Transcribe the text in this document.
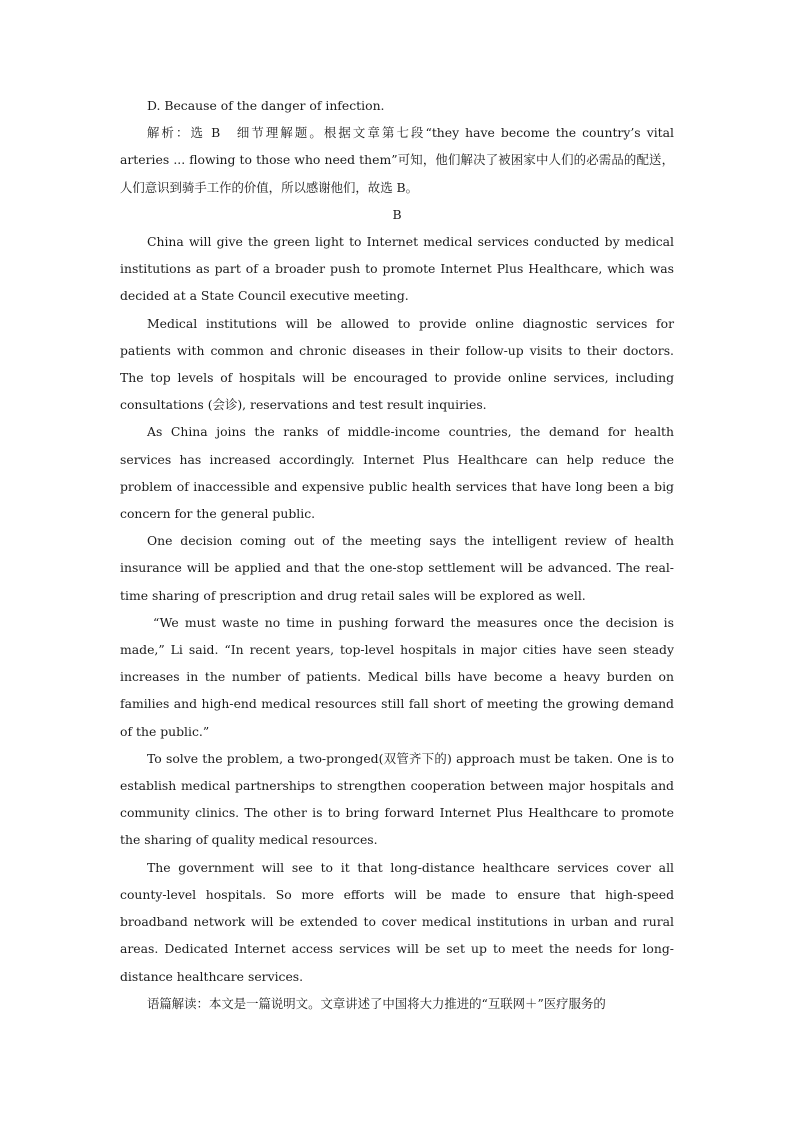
D. Because of the danger of infection.

解析：选 B　细节理解题。根据文章第七段“they have become the country’s vital arteries ... flowing to those who need them”可知，他们解决了被困家中人们的必需品的配送，人们意识到骑手工作的价值，所以感谢他们，故选 B。

B

China will give the green light to Internet medical services conducted by medical institutions as part of a broader push to promote Internet Plus Healthcare, which was decided at a State Council executive meeting.

Medical institutions will be allowed to provide online diagnostic services for patients with common and chronic diseases in their follow-up visits to their doctors. The top levels of hospitals will be encouraged to provide online services, including consultations (会诊), reservations and test result inquiries.

As China joins the ranks of middle-income countries, the demand for health services has increased accordingly. Internet Plus Healthcare can help reduce the problem of inaccessible and expensive public health services that have long been a big concern for the general public.

One decision coming out of the meeting says the intelligent review of health insurance will be applied and that the one-stop settlement will be advanced. The real-time sharing of prescription and drug retail sales will be explored as well.

“We must waste no time in pushing forward the measures once the decision is made,” Li said. “In recent years, top-level hospitals in major cities have seen steady increases in the number of patients. Medical bills have become a heavy burden on families and high-end medical resources still fall short of meeting the growing demand of the public.”

To solve the problem, a two-pronged(双管齐下的) approach must be taken. One is to establish medical partnerships to strengthen cooperation between major hospitals and community clinics. The other is to bring forward Internet Plus Healthcare to promote the sharing of quality medical resources.

The government will see to it that long-distance healthcare services cover all county-level hospitals. So more efforts will be made to ensure that high-speed broadband network will be extended to cover medical institutions in urban and rural areas. Dedicated Internet access services will be set up to meet the needs for long-distance healthcare services.

语篇解读：本文是一篇说明文。文章讲述了中国将大力推进的“互联网＋”医疗服务的
